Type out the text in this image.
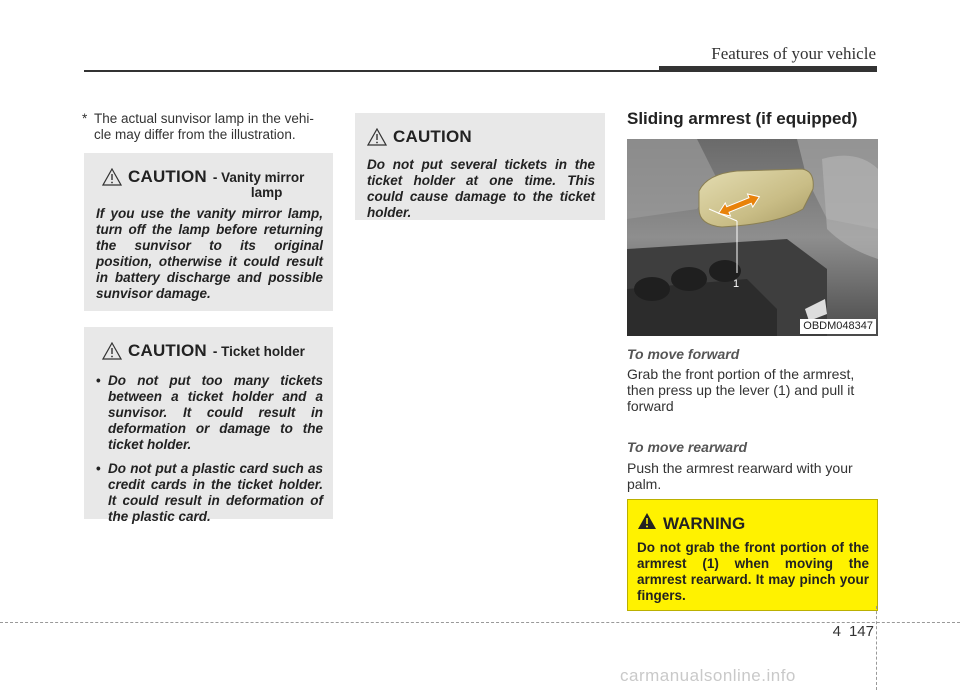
Features of your vehicle
* The actual sunvisor lamp in the vehi-
cle may differ from the illustration.
CAUTION - Vanity mirror
lamp
If you use the vanity mirror lamp, turn off the lamp before returning the sunvisor to its original position, otherwise it could result in battery discharge and possible sunvisor damage.
CAUTION - Ticket holder
• Do not put too many tickets between a ticket holder and a sunvisor. It could result in deformation or damage to the ticket holder.
• Do not put a plastic card such as credit cards in the ticket holder. It could result in deformation of the plastic card.
CAUTION
Do not put several tickets in the ticket holder at one time. This could cause damage to the ticket holder.
Sliding armrest (if equipped)
1
OBDM048347
To move forward
Grab the front portion of the armrest, then press up the lever (1) and pull it forward
To move rearward
Push the armrest rearward with your palm.
WARNING
Do not grab the front portion of the armrest (1) when moving the armrest rearward. It may pinch your fingers.
4 147
carmanualsonline.info
